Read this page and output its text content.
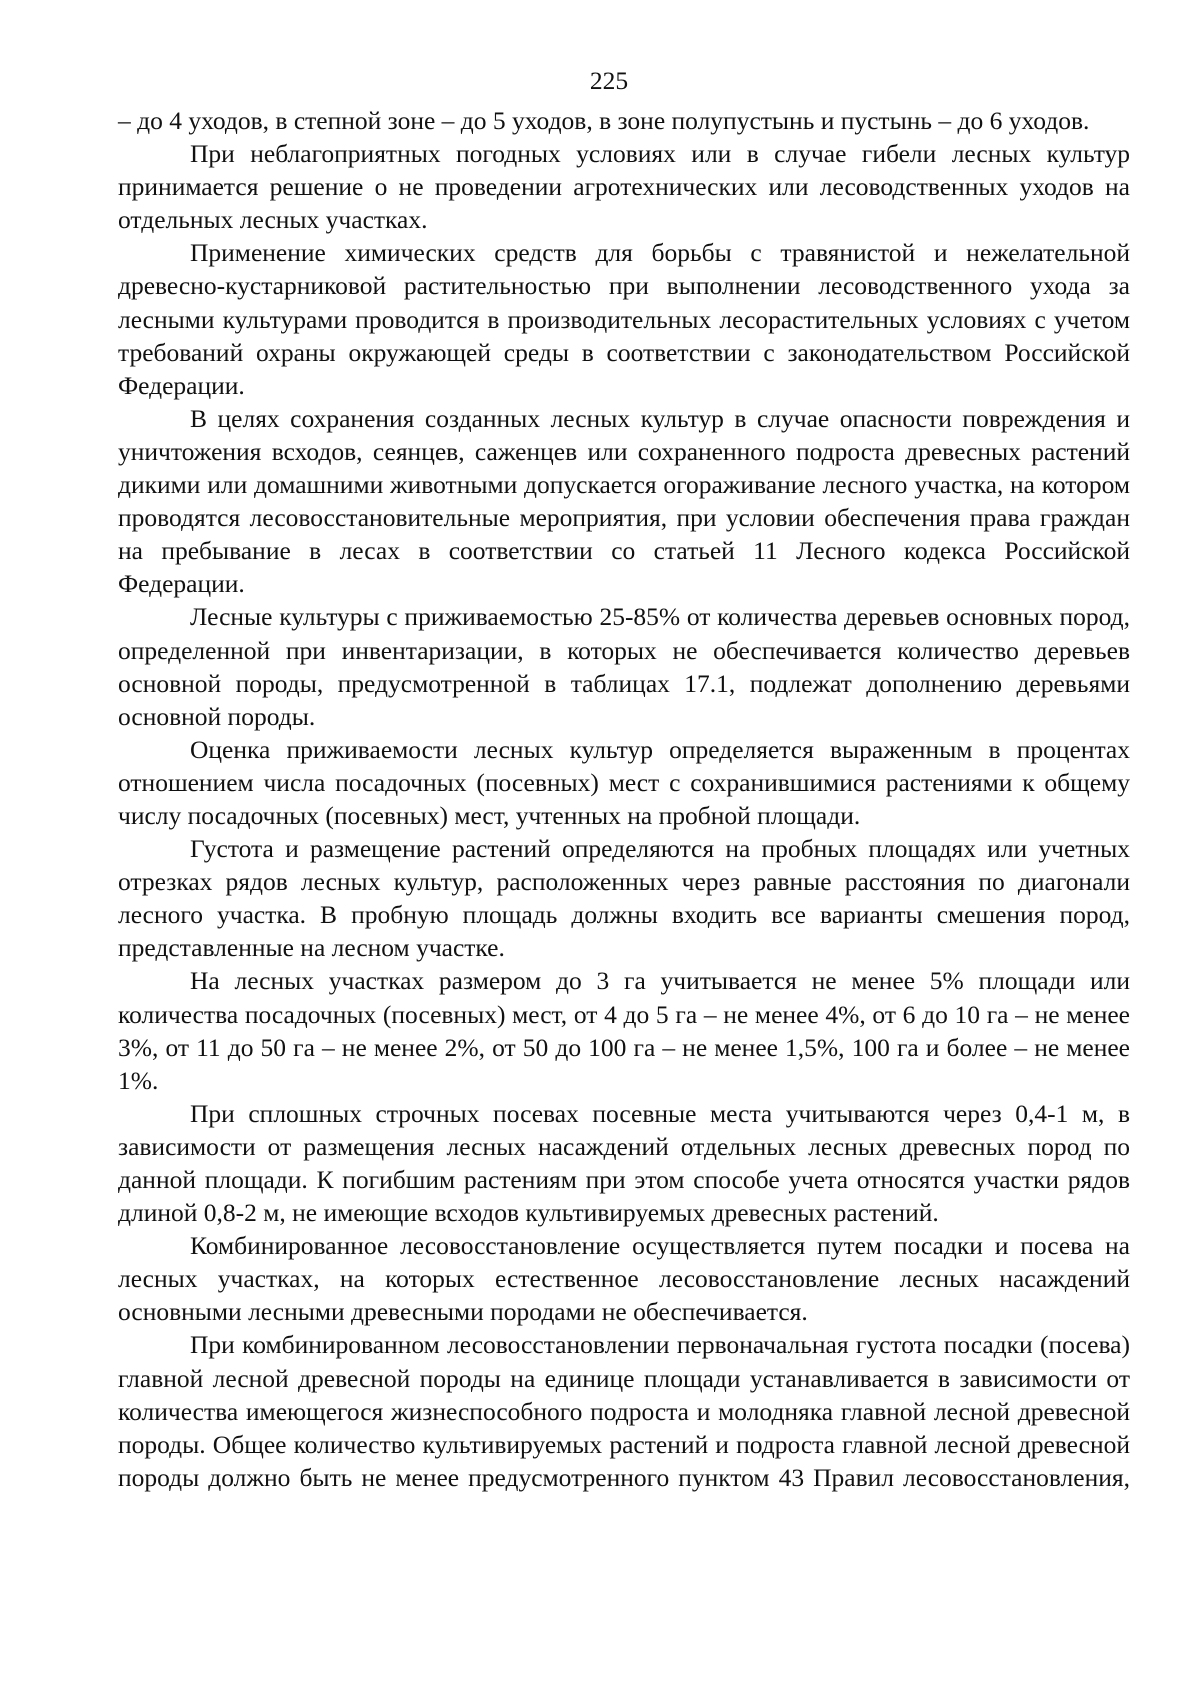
225

– до 4 уходов, в степной зоне – до 5 уходов, в зоне полупустынь и пустынь – до 6 уходов.

При неблагоприятных погодных условиях или в случае гибели лесных культур принимается решение о не проведении агротехнических или лесоводственных уходов на отдельных лесных участках.

Применение химических средств для борьбы с травянистой и нежелательной древесно-кустарниковой растительностью при выполнении лесоводственного ухода за лесными культурами проводится в производительных лесорастительных условиях с учетом требований охраны окружающей среды в соответствии с законодательством Российской Федерации.

В целях сохранения созданных лесных культур в случае опасности повреждения и уничтожения всходов, сеянцев, саженцев или сохраненного подроста древесных растений дикими или домашними животными допускается огораживание лесного участка, на котором проводятся лесовосстановительные мероприятия, при условии обеспечения права граждан на пребывание в лесах в соответствии со статьей 11 Лесного кодекса Российской Федерации.

Лесные культуры с приживаемостью 25-85% от количества деревьев основных пород, определенной при инвентаризации, в которых не обеспечивается количество деревьев основной породы, предусмотренной в таблицах 17.1, подлежат дополнению деревьями основной породы.

Оценка приживаемости лесных культур определяется выраженным в процентах отношением числа посадочных (посевных) мест с сохранившимися растениями к общему числу посадочных (посевных) мест, учтенных на пробной площади.

Густота и размещение растений определяются на пробных площадях или учетных отрезках рядов лесных культур, расположенных через равные расстояния по диагонали лесного участка. В пробную площадь должны входить все варианты смешения пород, представленные на лесном участке.

На лесных участках размером до 3 га учитывается не менее 5% площади или количества посадочных (посевных) мест, от 4 до 5 га – не менее 4%, от 6 до 10 га – не менее 3%, от 11 до 50 га – не менее 2%, от 50 до 100 га – не менее 1,5%, 100 га и более – не менее 1%.

При сплошных строчных посевах посевные места учитываются через 0,4-1 м, в зависимости от размещения лесных насаждений отдельных лесных древесных пород по данной площади. К погибшим растениям при этом способе учета относятся участки рядов длиной 0,8-2 м, не имеющие всходов культивируемых древесных растений.

Комбинированное лесовосстановление осуществляется путем посадки и посева на лесных участках, на которых естественное лесовосстановление лесных насаждений основными лесными древесными породами не обеспечивается.

При комбинированном лесовосстановлении первоначальная густота посадки (посева) главной лесной древесной породы на единице площади устанавливается в зависимости от количества имеющегося жизнеспособного подроста и молодняка главной лесной древесной породы. Общее количество культивируемых растений и подроста главной лесной древесной породы должно быть не менее предусмотренного пунктом 43 Правил лесовосстановления,
